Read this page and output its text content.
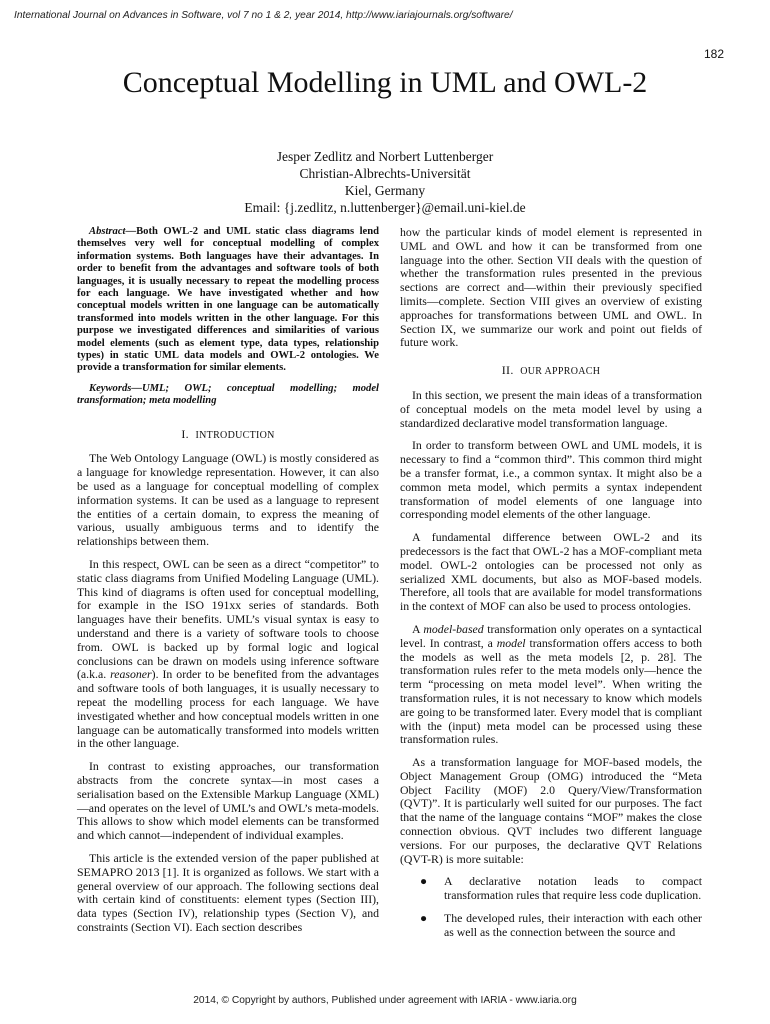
International Journal on Advances in Software, vol 7 no 1 & 2, year 2014, http://www.iariajournals.org/software/
182
Conceptual Modelling in UML and OWL-2
Jesper Zedlitz and Norbert Luttenberger
Christian-Albrechts-Universität
Kiel, Germany
Email: {j.zedlitz, n.luttenberger}@email.uni-kiel.de

Abstract—Both OWL-2 and UML static class diagrams lend themselves very well for conceptual modelling of complex information systems. Both languages have their advantages. In order to benefit from the advantages and software tools of both languages, it is usually necessary to repeat the modelling process for each language. We have investigated whether and how conceptual models written in one language can be automatically transformed into models written in the other language. For this purpose we investigated differences and similarities of various model elements (such as element type, data types, relationship types) in static UML data models and OWL-2 ontologies. We provide a transformation for similar elements.

Keywords—UML; OWL; conceptual modelling; model transformation; meta modelling

I. INTRODUCTION

The Web Ontology Language (OWL) is mostly considered as a language for knowledge representation. However, it can also be used as a language for conceptual modelling of complex information systems. It can be used as a language to represent the entities of a certain domain, to express the meaning of various, usually ambiguous terms and to identify the relationships between them.

In this respect, OWL can be seen as a direct “competitor” to static class diagrams from Unified Modeling Language (UML). This kind of diagrams is often used for conceptual modelling, for example in the ISO 191xx series of standards. Both languages have their benefits. UML’s visual syntax is easy to understand and there is a variety of software tools to choose from. OWL is backed up by formal logic and logical conclusions can be drawn on models using inference software (a.k.a. reasoner). In order to be benefited from the advantages and software tools of both languages, it is usually necessary to repeat the modelling process for each language. We have investigated whether and how conceptual models written in one language can be automatically transformed into models written in the other language.

In contrast to existing approaches, our transformation abstracts from the concrete syntax—in most cases a serialisation based on the Extensible Markup Language (XML)—and operates on the level of UML’s and OWL’s meta-models. This allows to show which model elements can be transformed and which cannot—independent of individual examples.

This article is the extended version of the paper published at SEMAPRO 2013 [1]. It is organized as follows. We start with a general overview of our approach. The following sections deal with certain kind of constituents: element types (Section III), data types (Section IV), relationship types (Section V), and constraints (Section VI). Each section describes

how the particular kinds of model element is represented in UML and OWL and how it can be transformed from one language into the other. Section VII deals with the question of whether the transformation rules presented in the previous sections are correct and—within their previously specified limits—complete. Section VIII gives an overview of existing approaches for transformations between UML and OWL. In Section IX, we summarize our work and point out fields of future work.

II. OUR APPROACH

In this section, we present the main ideas of a transformation of conceptual models on the meta model level by using a standardized declarative model transformation language.

In order to transform between OWL and UML models, it is necessary to find a “common third”. This common third might be a transfer format, i.e., a common syntax. It might also be a common meta model, which permits a syntax independent transformation of model elements of one language into corresponding model elements of the other language.

A fundamental difference between OWL-2 and its predecessors is the fact that OWL-2 has a MOF-compliant meta model. OWL-2 ontologies can be processed not only as serialized XML documents, but also as MOF-based models. Therefore, all tools that are available for model transformations in the context of MOF can also be used to process ontologies.

A model-based transformation only operates on a syntactical level. In contrast, a model transformation offers access to both the models as well as the meta models [2, p. 28]. The transformation rules refer to the meta models only—hence the term “processing on meta model level”. When writing the transformation rules, it is not necessary to know which models are going to be transformed later. Every model that is compliant with the (input) meta model can be processed using these transformation rules.

As a transformation language for MOF-based models, the Object Management Group (OMG) introduced the “Meta Object Facility (MOF) 2.0 Query/View/Transformation (QVT)”. It is particularly well suited for our purposes. The fact that the name of the language contains “MOF” makes the close connection obvious. QVT includes two different language versions. For our purposes, the declarative QVT Relations (QVT-R) is more suitable:

● A declarative notation leads to compact transformation rules that require less code duplication.
● The developed rules, their interaction with each other as well as the connection between the source and
2014, © Copyright by authors, Published under agreement with IARIA - www.iaria.org
